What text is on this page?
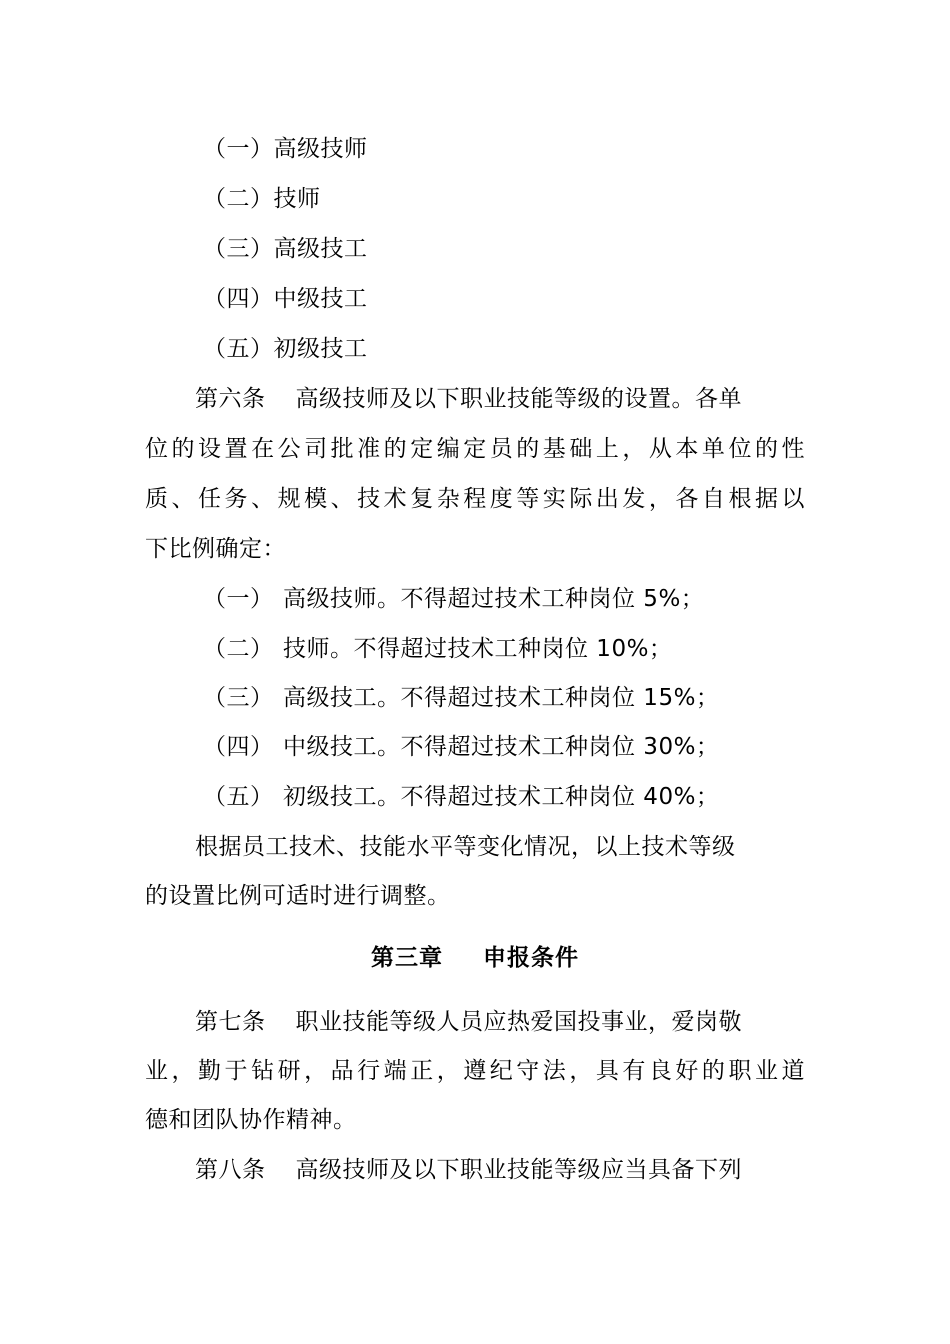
（一）高级技师
（二）技师
（三）高级技工
（四）中级技工
（五）初级技工
第六条 高级技师及以下职业技能等级的设置。各单
位的设置在公司批准的定编定员的基础上，从本单位的性
质、任务、规模、技术复杂程度等实际出发，各自根据以
下比例确定：
（一） 高级技师。不得超过技术工种岗位 5%；
（二） 技师。不得超过技术工种岗位 10%；
（三） 高级技工。不得超过技术工种岗位 15%；
（四） 中级技工。不得超过技术工种岗位 30%；
（五） 初级技工。不得超过技术工种岗位 40%；
根据员工技术、技能水平等变化情况，以上技术等级
的设置比例可适时进行调整。
第三章 申报条件
第七条 职业技能等级人员应热爱国投事业，爱岗敬
业，勤于钻研，品行端正，遵纪守法，具有良好的职业道
德和团队协作精神。
第八条 高级技师及以下职业技能等级应当具备下列
